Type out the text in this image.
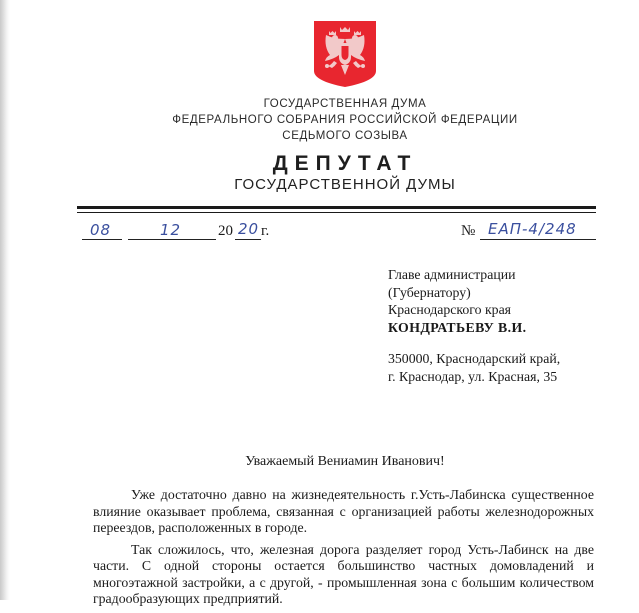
ГОСУДАРСТВЕННАЯ ДУМА
ФЕДЕРАЛЬНОГО СОБРАНИЯ РОССИЙСКОЙ ФЕДЕРАЦИИ
СЕДЬМОГО СОЗЫВА
ДЕПУТАТ
ГОСУДАРСТВЕННОЙ ДУМЫ
08	12 20 20 г.	№ ЕАП-4/248
Главе администрации
(Губернатору)
Краснодарского края
КОНДРАТЬЕВУ В.И.
350000, Краснодарский край,
г. Краснодар, ул. Красная, 35
Уважаемый Вениамин Иванович!

Уже достаточно давно на жизнедеятельность г.Усть-Лабинска существенное влияние оказывает проблема, связанная с организацией работы железнодорожных переездов, расположенных в городе.

Так сложилось, что, железная дорога разделяет город Усть-Лабинск на две части. С одной стороны остается большинство частных домовладений и многоэтажной застройки, а с другой, - промышленная зона с большим количеством градообразующих предприятий.
